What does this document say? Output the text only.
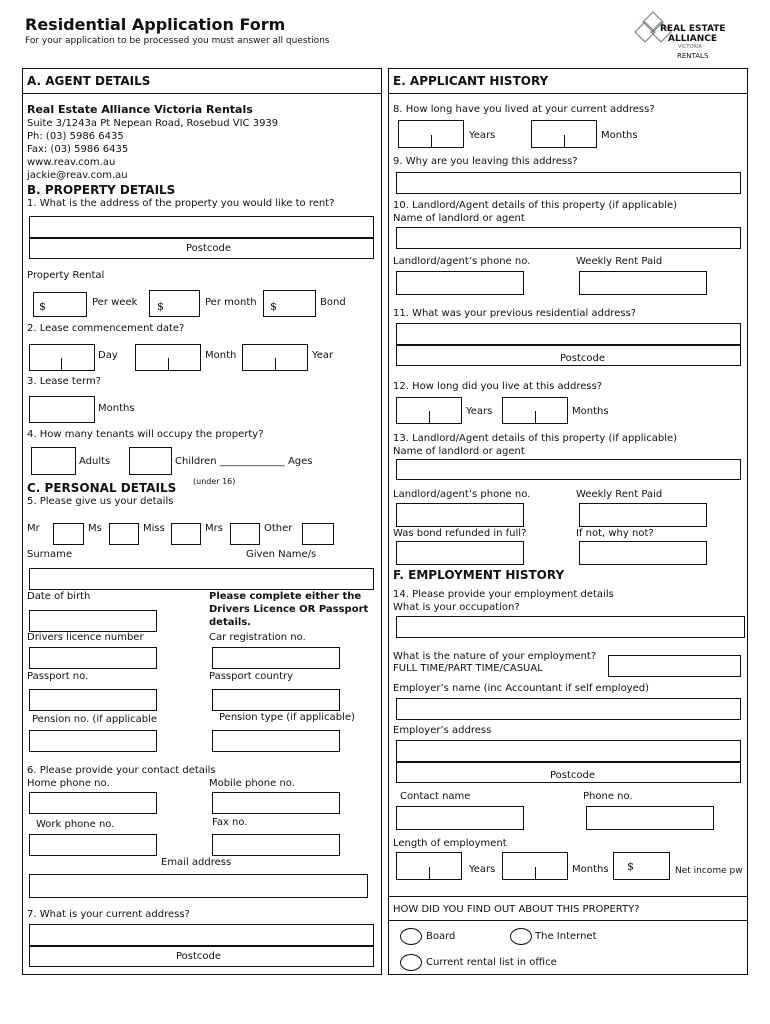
Residential Application Form
For your application to be processed you must answer all questions
REAL ESTATE
ALLIANCE
VICTORIA
RENTALS
A. AGENT DETAILS
Real Estate Alliance Victoria Rentals
Suite 3/1243a Pt Nepean Road, Rosebud VIC 3939
Ph: (03) 5986 6435
Fax: (03) 5986 6435
www.reav.com.au
jackie@reav.com.au
B. PROPERTY DETAILS
1. What is the address of the property you would like to rent?
Postcode
Property Rental
$	Per week $	Per month $	Bond
2. Lease commencement date?
Day	Month	Year
3. Lease term?
Months
4. How many tenants will occupy the property?
Adults	Children _____________ Ages
(under 16)
C. PERSONAL DETAILS
5. Please give us your details
Mr	Ms	Miss	Mrs	Other
Surname	Given Name/s
Date of birth	Please complete either the
Drivers Licence OR Passport
details.
Drivers licence number	Car registration no.
Passport no.	Passport country
Pension no. (if applicable	Pension type (if applicable)
6. Please provide your contact details
Home phone no.	Mobile phone no.
Work phone no.	Fax no.
Email address
7. What is your current address?
Postcode
E. APPLICANT HISTORY
8. How long have you lived at your current address?
Years	Months
9. Why are you leaving this address?
10. Landlord/Agent details of this property (if applicable)
Name of landlord or agent
Landlord/agent’s phone no.	Weekly Rent Paid
11. What was your previous residential address?
Postcode
12. How long did you live at this address?
Years	Months
13. Landlord/Agent details of this property (if applicable)
Name of landlord or agent
Landlord/agent’s phone no.	Weekly Rent Paid
Was bond refunded in full?	If not, why not?
F. EMPLOYMENT HISTORY
14. Please provide your employment details
What is your occupation?
What is the nature of your employment?
FULL TIME/PART TIME/CASUAL
Employer’s name (inc Accountant if self employed)
Employer’s address
Postcode
Contact name	Phone no.
Length of employment
Years	Months $	Net income pw
HOW DID YOU FIND OUT ABOUT THIS PROPERTY?
Board	The Internet
Current rental list in office
